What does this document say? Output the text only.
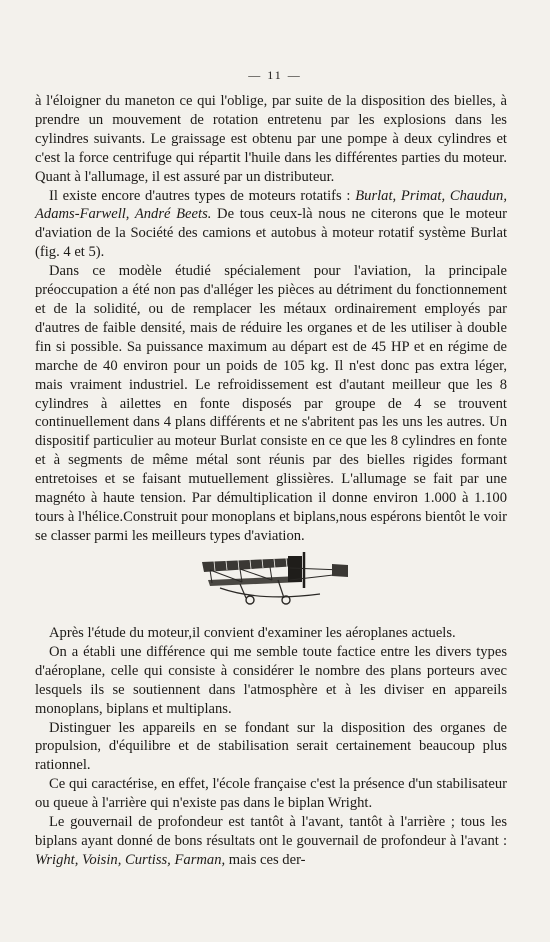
— 11 —

à l'éloigner du maneton ce qui l'oblige, par suite de la disposition des bielles, à prendre un mouvement de rotation entretenu par les explosions dans les cylindres suivants. Le graissage est obtenu par une pompe à deux cylindres et c'est la force centrifuge qui répartit l'huile dans les différentes parties du moteur. Quant à l'allumage, il est assuré par un distributeur.

Il existe encore d'autres types de moteurs rotatifs : Burlat, Primat, Chaudun, Adams-Farwell, André Beets. De tous ceux-là nous ne citerons que le moteur d'aviation de la Société des camions et autobus à moteur rotatif système Burlat (fig. 4 et 5).

Dans ce modèle étudié spécialement pour l'aviation, la principale préoccupation a été non pas d'alléger les pièces au détriment du fonctionnement et de la solidité, ou de remplacer les métaux ordinairement employés par d'autres de faible densité, mais de réduire les organes et de les utiliser à double fin si possible. Sa puissance maximum au départ est de 45 HP et en régime de marche de 40 environ pour un poids de 105 kg. Il n'est donc pas extra léger, mais vraiment industriel. Le refroidissement est d'autant meilleur que les 8 cylindres à ailettes en fonte disposés par groupe de 4 se trouvent continuellement dans 4 plans différents et ne s'abritent pas les uns les autres. Un dispositif particulier au moteur Burlat consiste en ce que les 8 cylindres en fonte et à segments de même métal sont réunis par des bielles rigides formant entretoises et se faisant mutuellement glissières. L'allumage se fait par une magnéto à haute tension. Par démultiplication il donne environ 1.000 à 1.100 tours à l'hélice.Construit pour monoplans et biplans,nous espérons bientôt le voir se classer parmi les meilleurs types d'aviation.

Après l'étude du moteur,il convient d'examiner les aéroplanes actuels.

On a établi une différence qui me semble toute factice entre les divers types d'aéroplane, celle qui consiste à considérer le nombre des plans porteurs avec lesquels ils se soutiennent dans l'atmosphère et à les diviser en appareils monoplans, biplans et multiplans.

Distinguer les appareils en se fondant sur la disposition des organes de propulsion, d'équilibre et de stabilisation serait certainement beaucoup plus rationnel.

Ce qui caractérise, en effet, l'école française c'est la présence d'un stabilisateur ou queue à l'arrière qui n'existe pas dans le biplan Wright.

Le gouvernail de profondeur est tantôt à l'avant, tantôt à l'arrière ; tous les biplans ayant donné de bons résultats ont le gouvernail de profondeur à l'avant : Wright, Voisin, Curtiss, Farman, mais ces der-
